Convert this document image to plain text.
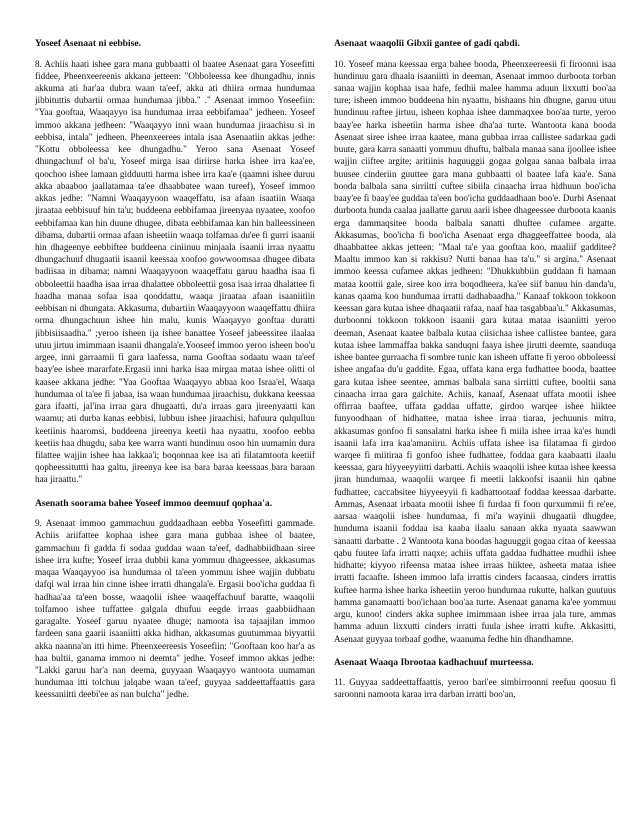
Yoseef Asenaat ni eebbise.

8. Achiis haati ishee gara mana gubbaatti ol baatee Asenaat gara Yoseefitti fiddee, Pheenxeereenis akkana jetteen: "Obboleessa kee dhungadhu, innis akkuma ati har'aa dubra waan ta'eef, akka ati dhiira ormaa hundumaa jibbituttis dubartii ormaa hundumaa jibba." ." Asenaat immoo Yoseefiin: "Yaa gooftaa, Waaqayyo isa hundumaa irraa eebbifamaa" jedheen. Yoseef immoo akkana jedheen: "Waaqayyo inni waan hundumaa jiraachisu si in eebbisa, intala" jedheen. Pheenxeerees intala isaa Asenaatiin akkas jedhe: "Kottu obboleessa kee dhungadhu." Yeroo sana Asenaat Yoseef dhungachuuf ol ba'u, Yoseef mirga isaa diriirse harka ishee irra kaa'ee, qoochoo ishee lamaan gidduutti harma ishee irra kaa'e (qaamni ishee duruu akka abaaboo jaallatamaa ta'ee dhaabbatee waan tureef), Yoseef immoo akkas jedhe: "Namni Waaqayyoon waaqeffatu, isa afaan isaatiin Waaqa jiraataa eebbisuuf hin ta'u; buddeena eebbifamaa jireenyaa nyaatee, xoofoo eebbifamaa kan hin duune dhugee, dibata eebbifamaa kan hin balleessineen dibama, dubartii ormaa afaan isheetiin waaqa tolfamaa du'ee fi gurri isaanii hin dhageenye eebbiftee buddeena ciniinuu minjaala isaanii irraa nyaattu dhungachuuf dhugaatii isaanii keessaa xoofoo gowwoomsaa dhugee dibata badiisaa in dibama; namni Waaqayyoon waaqeffatu garuu haadha isaa fi obboleettii haadha isaa irraa dhalattee obboleettii gosa isaa irraa dhalattee fi haadha manaa sofaa isaa qooddattu, waaqa jiraataa afaan isaaniitiin eebbisan ni dhungata. Akkasuma, dubartiin Waaqayyoon waaqeffattu dhiira orma dhungachuun ishee hin malu, kunis Waaqayyo gooftaa duratti jibbisiisaadha." ;yeroo isheen ija ishee banattee Yoseef jabeessitee ilaalaa utuu jirtuu imimmaan isaanii dhangala'e.Yooseef immoo yeroo isheen boo'u argee, inni garraamii fi gara laafessa, nama Gooftaa sodaatu waan ta'eef baay'ee ishee mararfate.Ergasii inni harka isaa mirgaa mataa ishee olitti ol kaasee akkana jedhe: "Yaa Gooftaa Waaqayyo abbaa koo Israa'el, Waaqa hundumaa ol ta'ee fi jabaa, isa waan hundumaa jiraachisu, dukkana keessaa gara ifaatti, jal'ina irraa gara dhugaatti, du'a irraas gara jireenyaatti kan waamu; ati durba kanas eebbisi, lubbuu ishee jiraachisi, hafuura qulqulluu keetiinis haaromsi, buddeena jireenya keetii haa nyaattu, xoofoo eebba keetiis haa dhugdu, saba kee warra wanti hundinuu osoo hin uumamin dura filattee wajjin ishee haa lakkaa'i; boqonnaa kee isa ati filatamtoota keetiif qopheessituttti haa galtu, jireenya kee isa bara baraa keessaas bara baraan haa jiraattu."

Asenath soorama bahee Yoseef immoo deemuuf qophaa'a.

9. Asenaat immoo gammachuu guddaadhaan eebba Yoseefitti gammade. Achiis ariifattee kophaa ishee gara mana gubbaa ishee ol baatee, gammachuu fi gadda fi sodaa guddaa waan ta'eef, dadhabbiidhaan siree ishee irra kufte; Yoseef irraa dubbii kana yommuu dhageessee, akkasumas maqaa Waaqayyoo isa hundumaa ol ta'een yommuu ishee wajjin dubbatu dafqi wal irraa hin cinne ishee irratti dhangala'e. Ergasii boo'icha guddaa fi hadhaa'aa ta'een bosse, waaqolii ishee waaqeffachuuf baratte, waaqolii tolfamoo ishee tuffattee galgala dhufuu eegde irraas gaabbiidhaan garagalte. Yoseef garuu nyaatee dhuge; namoota isa tajaajilan immoo fardeen sana gaarii isaaniitti akka hidhan, akkasumas guutummaa biyyattii akka naanna'an itti hime. Pheenxeereesis Yoseefiin: "Gooftaan koo har'a as haa bultii, ganama immoo ni deemta" jedhe. Yoseef immoo akkas jedhe: "Lakki garuu har'a nan deema, guyyaan Waaqayyo wantoota uumaman hundumaa itti tolchuu jalqabe waan ta'eef, guyyaa saddeettaffaattis gara keessaniitti deebi'ee as nan bulcha" jedhe.

Asenaat waaqolii Gibxii gantee of gadi qabdi.

10. Yoseef mana keessaa erga bahee booda, Pheenxeereesii fi firoonni isaa hundinuu gara dhaala isaaniitti in deeman, Asenaat immoo durboota torban sanaa wajjin kophaa isaa hafe, fedhii malee hamma aduun lixxutti boo'aa ture; isheen immoo buddeena hin nyaattu, bishaans hin dhugne, garuu utuu hundinuu raftee jirtuu, isheen kophaa ishee dammaqxee boo'aa turte, yeroo baay'ee harka isheetiin harma ishee dha'aa turte. Wantoota kana booda Asenaat siree ishee irraa kaatee, mana gubbaa irraa callistee sadarkaa gadi buute, gara karra sanaatti yommuu dhuftu, balbala manaa sana ijoollee ishee wajjin ciiftee argite; aritiinis haguuggii gogaa golgaa sanaa balbala irraa buusee cinderiin guuttee gara mana gubbaatti ol baatee lafa kaa'e. Sana booda balbala sana sirriitti cuftee sibiila cinaacha irraa hidhuun boo'icha baay'ee fi baay'ee guddaa ta'een boo'icha guddaadhaan boo'e. Durbi Asenaat durboota hunda caalaa jaallatte garuu aarii ishee dhageessee durboota kaanis erga dammaqsitee booda balbala sanatti dhuftee cufamee argatte. Akkasumas, boo'icha fi boo'icha Asenaat erga dhaggeeffattee booda, ala dhaabbattee akkas jetteen: "Maal ta'e yaa gooftaa koo, maaliif gadditee? Maaltu immoo kan si rakkisu? Nutti banaa haa ta'u." si argina." Asenaat immoo keessa cufamee akkas jedheen: "Dhukkubbiin guddaan fi hamaan mataa koottii gale, siree koo irra boqodheera, ka'ee siif banuu hin danda'u, kanas qaama koo hundumaa irratti dadhabaadha." Kanaaf tokkoon tokkoon keessan gara kutaa ishee dhaqaatii rafaa, naaf haa tasgabbaa'u." Akkasumas, durboonni tokkoon tokkoon isaanii gara kutaa mataa isaaniitti yeroo deeman, Asenaat kaatee balbala kutaa ciisichaa ishee callistee bantee, gara kutaa ishee lammaffaa bakka sanduqni faaya ishee jirutti deemte, saanduqa ishee bantee gurraacha fi sombre tunic kan isheen uffatte fi yeroo obboleessi ishee angafaa du'u gaddite. Egaa, uffata kana erga fudhattee booda, baattee gara kutaa ishee seentee, ammas balbala sana sirriitti cuftee, booltii sana cinaacha irraa gara galchite. Achiis, kanaaf, Asenaat uffata mootii ishee offirraa baaftee, uffata gaddaa uffatte, girdoo warqee ishee hiiktee funyoodhaan of hidhattee, mataa ishee irraa tiaraa, jechuunis mitra, akkasumas gonfoo fi sansalatni harka ishee fi miila ishee irraa ka'es hundi isaanii lafa irra kaa'amaniiru. Achiis uffata ishee isa filatamaa fi girdoo warqee fi miitiraa fi gonfoo ishee fudhattee, foddaa gara kaabaatti ilaalu keessaa, gara hiyyeeyyiitti darbatti. Achiis waaqolii ishee kutaa ishee keessa jiran hundumaa, waaqolii warqee fi meetii lakkoofsi isaanii hin qabne fudhattee, caccabsitee hiyyeeyyii fi kadhattootaaf foddaa keessaa darbatte. Ammas, Asenaat irbaata mootii ishee fi furdaa fi foon qurxummii fi re'ee, aarsaa waaqolii ishee hundumaa, fi mi'a wayinii dhugaatii dhugdee, hunduma isaanii foddaa isa kaaba ilaalu sanaan akka nyaata saawwan sanaatti darbatte . 2 Wantoota kana boodas haguuggii gogaa citaa of keessaa qabu fuutee lafa irratti naqxe; achiis uffata gaddaa fudhattee mudhii ishee hidhatte; kiyyoo rifeensa mataa ishee irraas hiiktee, asheeta mataa ishee irratti facaafte. Isheen immoo lafa irrattis cinders facaasaa, cinders irrattis kuftee harma ishee harka isheetiin yeroo hundumaa rukutte, halkan guutuus hamma ganamaatti boo'ichaan boo'aa turte. Asenaat ganama ka'ee yommuu argu, kunoo! cinders akka suphee imimmaan ishee irraa jala ture, ammas hamma aduun lixxutti cinders irratti fuula ishee irratti kufte. Akkasitti, Asenaat guyyaa torbaaf godhe, waanuma fedhe hin dhandhamne.

Asenaat Waaqa Ibrootaa kadhachuuf murteessa.

11. Guyyaa saddeettaffaattis, yeroo bari'ee simbirroonni reefuu qoosuu fi saroonni namoota karaa irra darban irratti boo'an,
